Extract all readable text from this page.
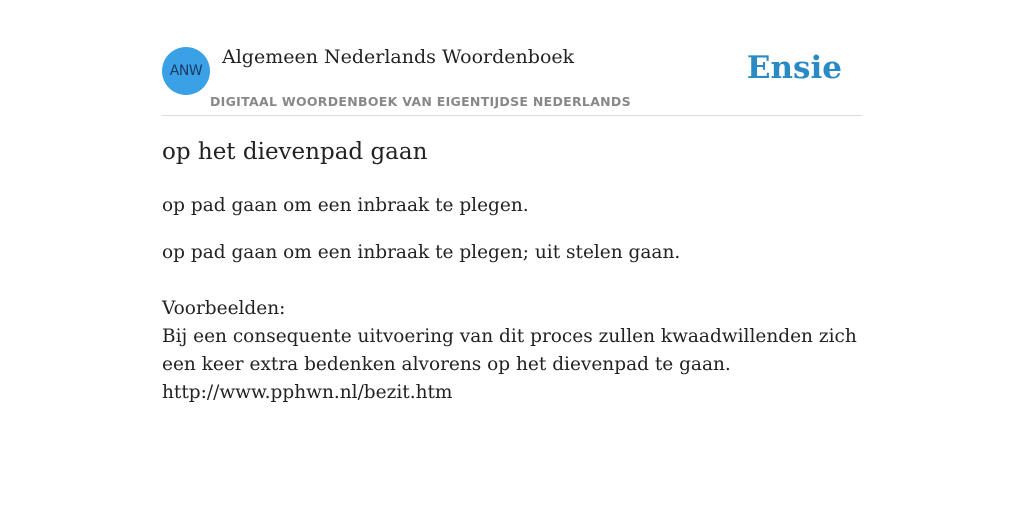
ANW
Algemeen Nederlands Woordenboek
DIGITAAL WOORDENBOEK VAN EIGENTIJDSE NEDERLANDS
Ensie
op het dievenpad gaan

op pad gaan om een inbraak te plegen.

op pad gaan om een inbraak te plegen; uit stelen gaan.

Voorbeelden:
Bij een consequente uitvoering van dit proces zullen kwaadwillenden zich een keer extra bedenken alvorens op het dievenpad te gaan.
http://www.pphwn.nl/bezit.htm
